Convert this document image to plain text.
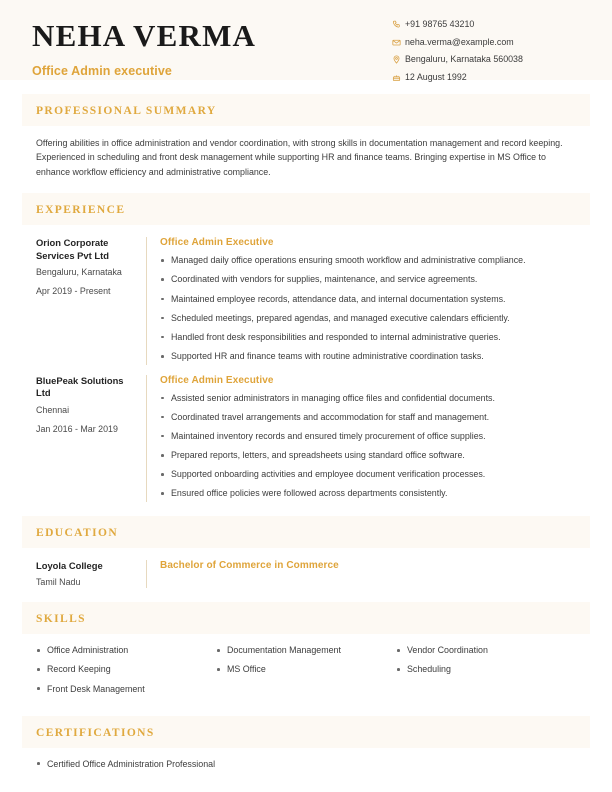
NEHA VERMA
Office Admin executive
+91 98765 43210
neha.verma@example.com
Bengaluru, Karnataka 560038
12 August 1992
PROFESSIONAL SUMMARY
Offering abilities in office administration and vendor coordination, with strong skills in documentation management and record keeping. Experienced in scheduling and front desk management while supporting HR and finance teams. Bringing expertise in MS Office to enhance workflow efficiency and administrative compliance.
EXPERIENCE
Orion Corporate Services Pvt Ltd
Bengaluru, Karnataka
Apr 2019 - Present
Office Admin Executive
Managed daily office operations ensuring smooth workflow and administrative compliance.
Coordinated with vendors for supplies, maintenance, and service agreements.
Maintained employee records, attendance data, and internal documentation systems.
Scheduled meetings, prepared agendas, and managed executive calendars efficiently.
Handled front desk responsibilities and responded to internal administrative queries.
Supported HR and finance teams with routine administrative coordination tasks.
BluePeak Solutions Ltd
Chennai
Jan 2016 - Mar 2019
Office Admin Executive
Assisted senior administrators in managing office files and confidential documents.
Coordinated travel arrangements and accommodation for staff and management.
Maintained inventory records and ensured timely procurement of office supplies.
Prepared reports, letters, and spreadsheets using standard office software.
Supported onboarding activities and employee document verification processes.
Ensured office policies were followed across departments consistently.
EDUCATION
Loyola College
Tamil Nadu
Bachelor of Commerce in Commerce
SKILLS
Office Administration
Record Keeping
Front Desk Management
Documentation Management
MS Office
Vendor Coordination
Scheduling
CERTIFICATIONS
Certified Office Administration Professional
